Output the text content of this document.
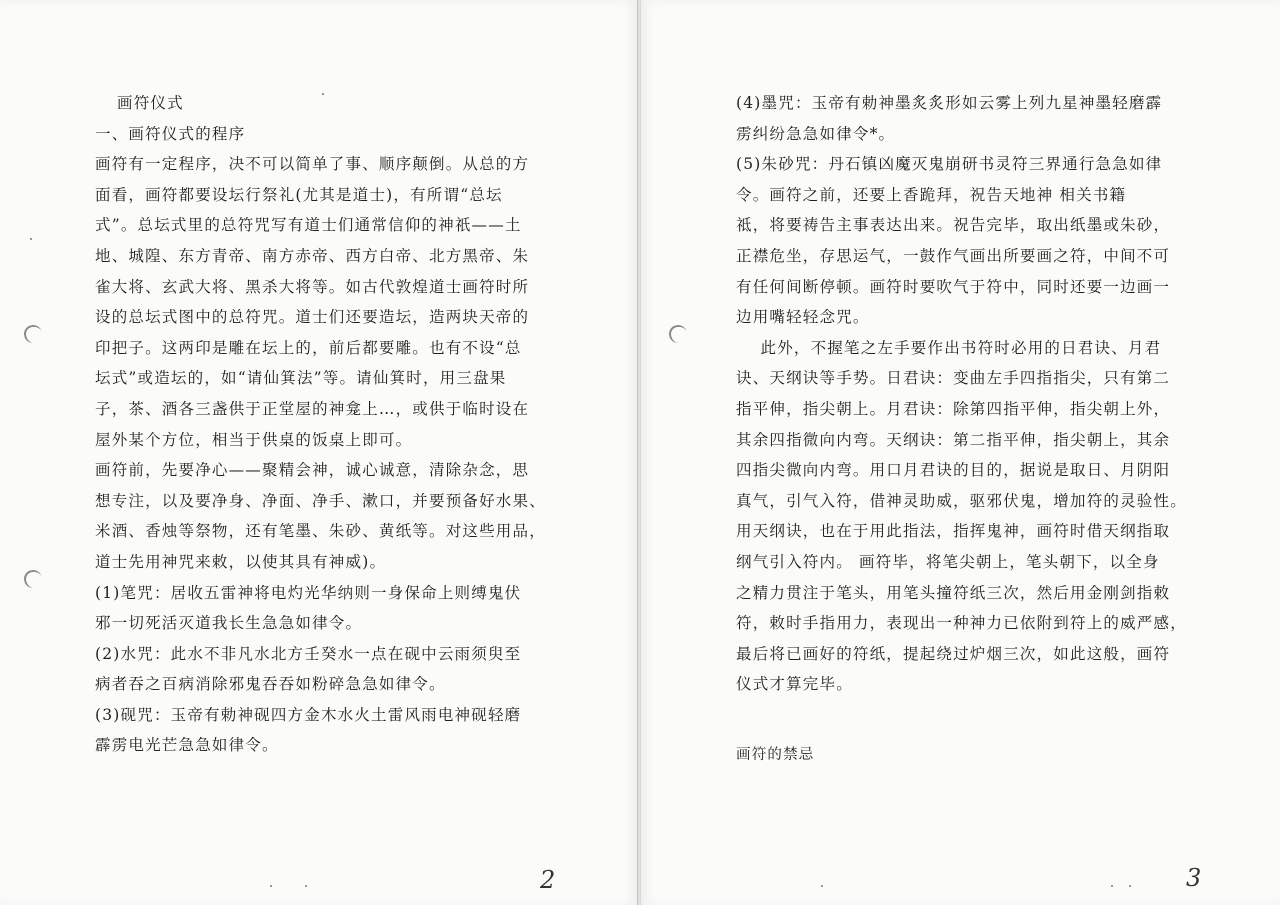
画符仪式
一、画符仪式的程序
画符有一定程序，决不可以简单了事、顺序颠倒。从总的方
面看，画符都要设坛行祭礼(尤其是道士)，有所谓“总坛
式”。总坛式里的总符咒写有道士们通常信仰的神祇——土
地、城隍、东方青帝、南方赤帝、西方白帝、北方黑帝、朱
雀大将、玄武大将、黑杀大将等。如古代敦煌道士画符时所
设的总坛式图中的总符咒。道士们还要造坛，造两块天帝的
印把子。这两印是雕在坛上的，前后都要雕。也有不设“总
坛式”或造坛的，如“请仙箕法”等。请仙箕时，用三盘果
子，茶、酒各三盏供于正堂屋的神龛上…，或供于临时设在
屋外某个方位，相当于供桌的饭桌上即可。
画符前，先要净心——聚精会神，诚心诚意，清除杂念，思
想专注，以及要净身、净面、净手、漱口，并要预备好水果、
米酒、香烛等祭物，还有笔墨、朱砂、黄纸等。对这些用品，
道士先用神咒来敕，以使其具有神威)。
(1)笔咒：居收五雷神将电灼光华纳则一身保命上则缚鬼伏
邪一切死活灭道我长生急急如律令。
(2)水咒：此水不非凡水北方壬癸水一点在砚中云雨须臾至
病者吞之百病消除邪鬼吞吞如粉碎急急如律令。
(3)砚咒：玉帝有勅神砚四方金木水火土雷风雨电神砚轻磨
霹雳电光芒急急如律令。
2
(4)墨咒：玉帝有勅神墨炙炙形如云雾上列九星神墨轻磨霹
雳纠纷急急如律令*。
(5)朱砂咒：丹石镇凶魔灭鬼崩研书灵符三界通行急急如律
令。画符之前，还要上香跪拜，祝告天地神 相关书籍
祗，将要祷告主事表达出来。祝告完毕，取出纸墨或朱砂，
正襟危坐，存思运气，一鼓作气画出所要画之符，中间不可
有任何间断停顿。画符时要吹气于符中，同时还要一边画一
边用嘴轻轻念咒。
此外，不握笔之左手要作出书符时必用的日君诀、月君
诀、天纲诀等手势。日君诀：变曲左手四指指尖，只有第二
指平伸，指尖朝上。月君诀：除第四指平伸，指尖朝上外，
其余四指微向内弯。天纲诀：第二指平伸，指尖朝上，其余
四指尖微向内弯。用口月君诀的目的，据说是取日、月阴阳
真气，引气入符，借神灵助威，驱邪伏鬼，增加符的灵验性。
用天纲诀，也在于用此指法，指挥鬼神，画符时借天纲指取
纲气引入符内。 画符毕，将笔尖朝上，笔头朝下，以全身
之精力贯注于笔头，用笔头撞符纸三次，然后用金刚剑指敕
符，敕时手指用力，表现出一种神力已依附到符上的威严感，
最后将已画好的符纸，提起绕过炉烟三次，如此这般，画符
仪式才算完毕。
画符的禁忌
3
